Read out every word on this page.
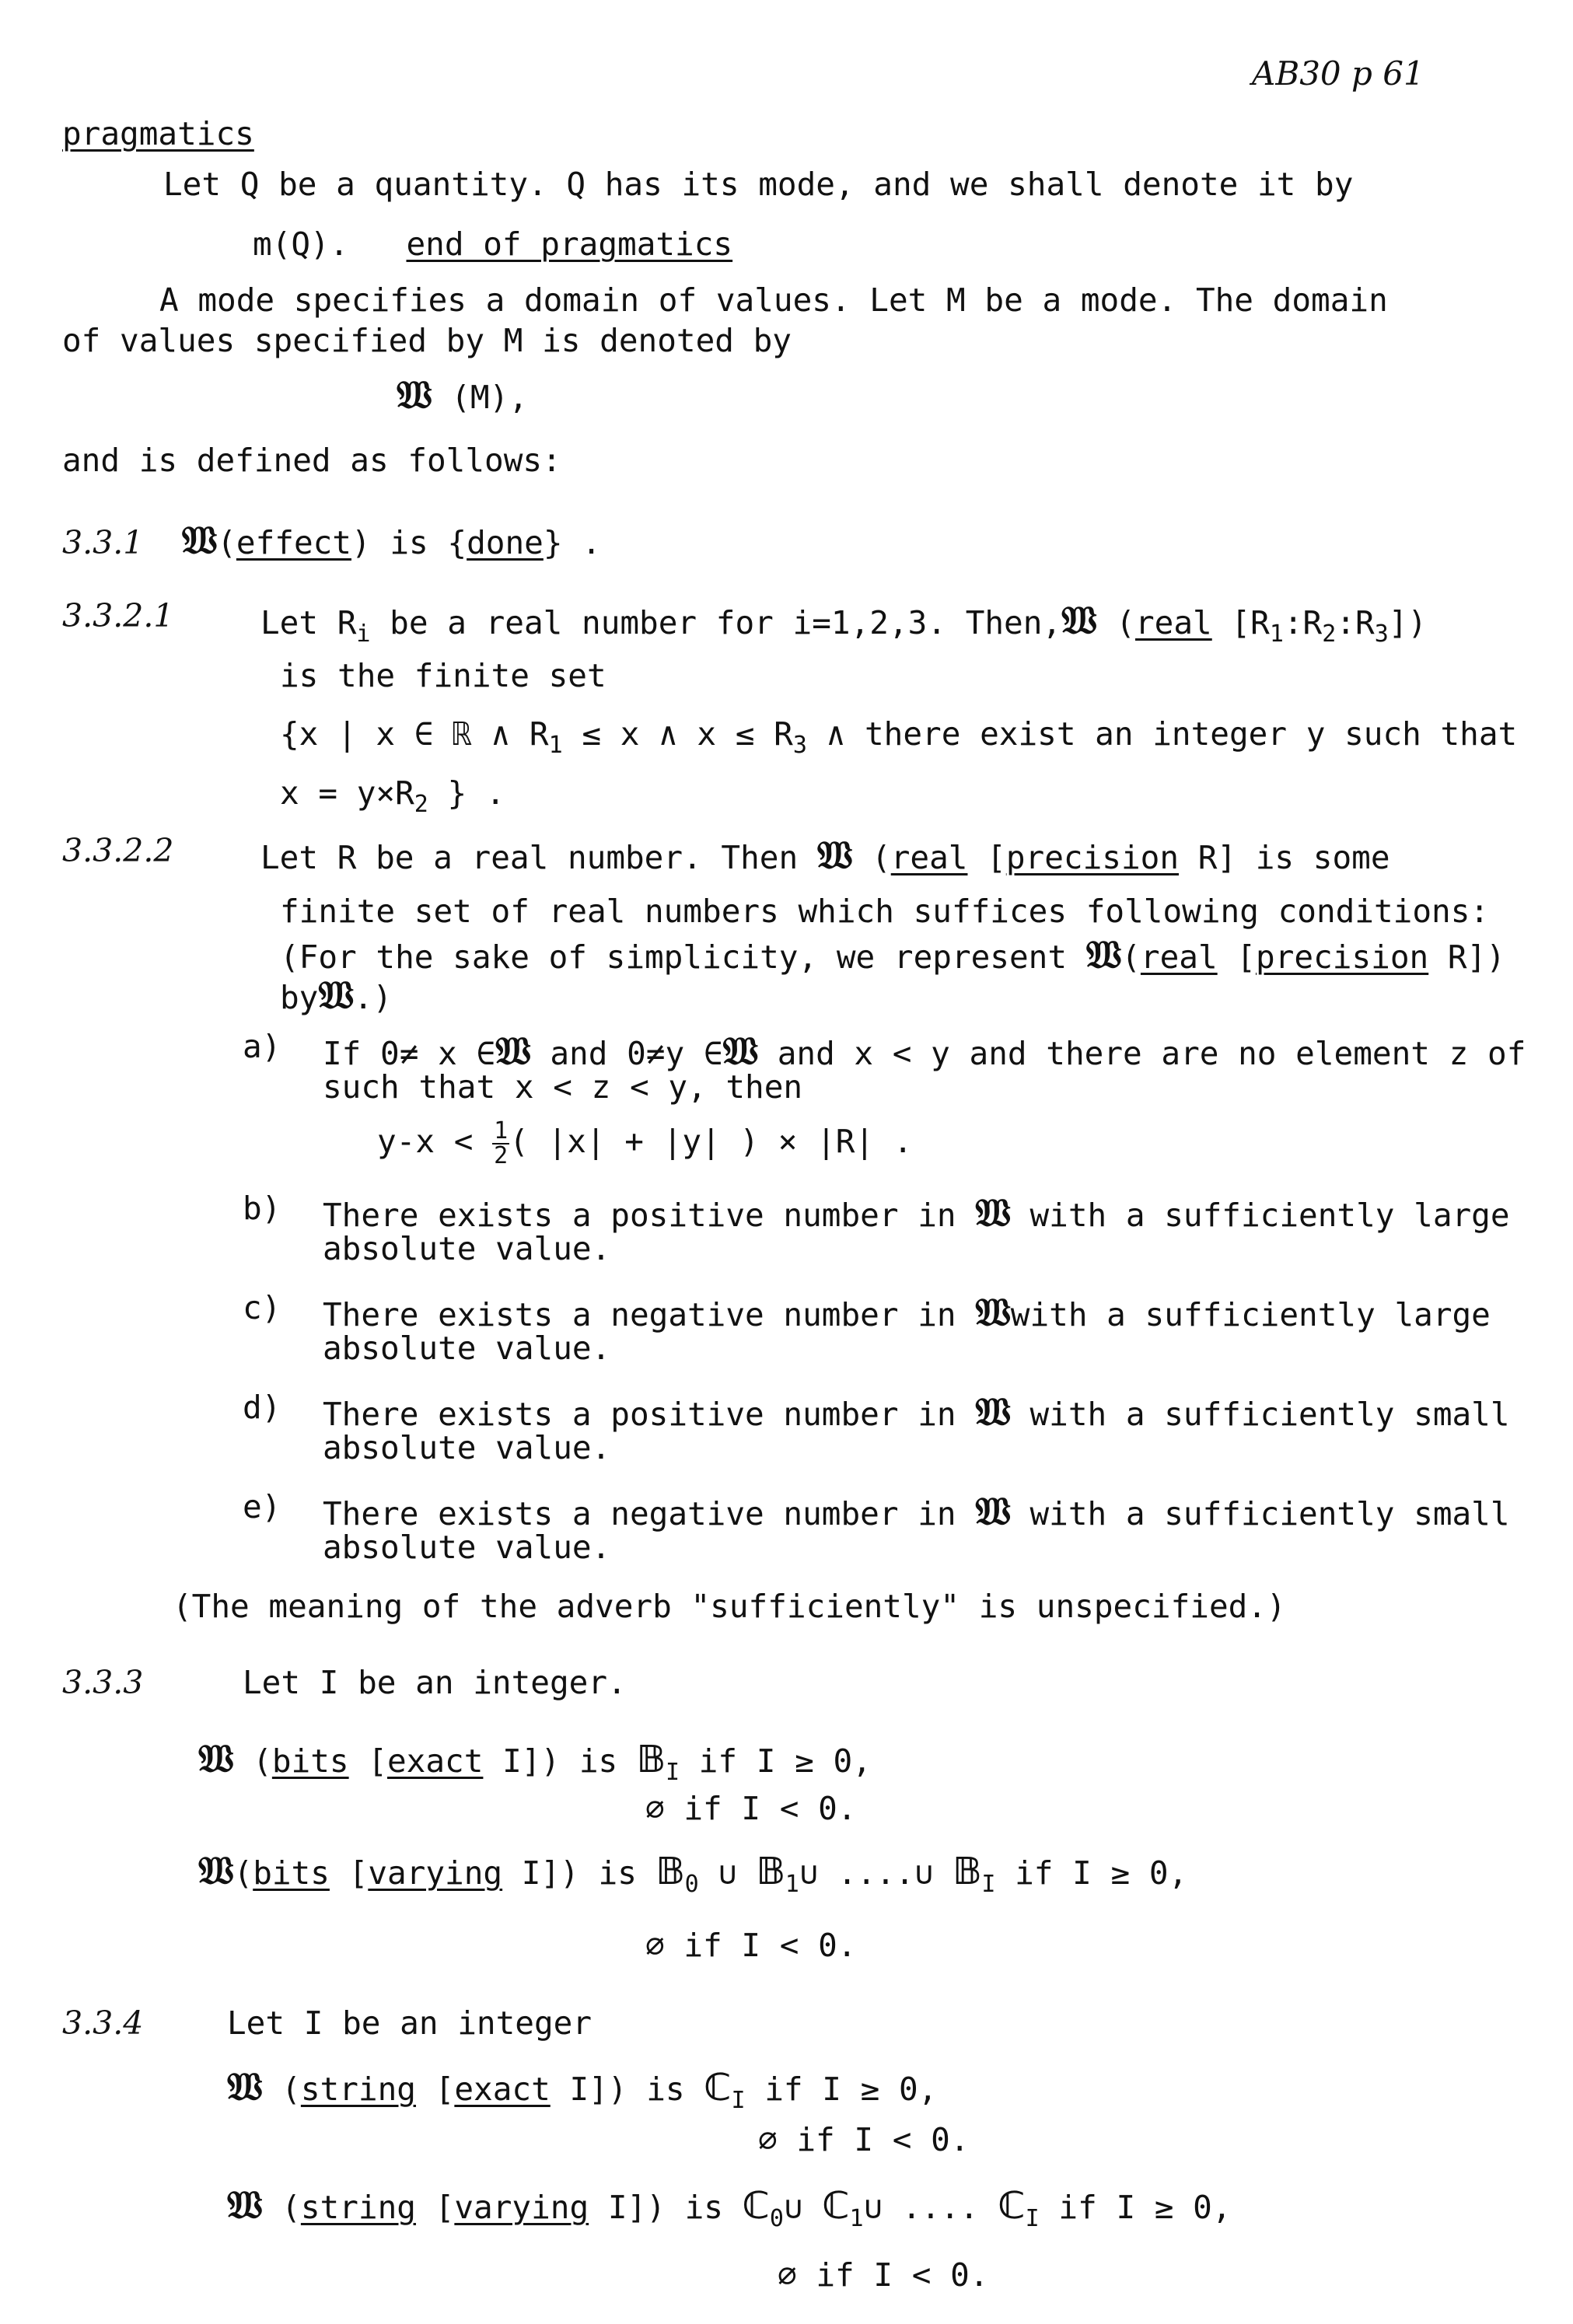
AB30 p 61
pragmatics
Let Q be a quantity. Q has its mode, and we shall denote it by
m(Q). end of pragmatics
A mode specifies a domain of values. Let M be a mode. The domain
of values specified by M is denoted by
𝔚 (M),
and is defined as follows:
3.3.1 𝔚(effect) is {done} .
3.3.2.1	Let $R_i$ be a real number for i=1,2,3. Then,𝔚 (real $[R_1:R_2:R_3]$)
is the finite set
{x | x ∈ ℝ ∧ $R_1 \le x$ ∧ $x \le R_3$ ∧ there exist an integer y such that
$x = y\times R_2$ } .
3.3.2.2	Let R be a real number. Then 𝔚 (real [precision R] is some
finite set of real numbers which suffices following conditions:
(For the sake of simplicity, we represent 𝔚(real [precision R])
by𝔚.)
a) If 0≠ x ∈𝔚 and 0≠y ∈𝔚 and x < y and there are no element z of
such that x < z < y, then
$y-x < \frac{1}{2}$ ( |x| + |y| ) × |R| .
b) There exists a positive number in 𝔚 with a sufficiently large
absolute value.
c) There exists a negative number in 𝔚with a sufficiently large
absolute value.
d) There exists a positive number in 𝔚 with a sufficiently small
absolute value.
e) There exists a negative number in 𝔚 with a sufficiently small
absolute value.
(The meaning of the adverb "sufficiently" is unspecified.)
3.3.3	Let I be an integer.
𝔚 (bits [exact I]) is 𝔹$_I$ if I ≥ 0,
∅ if I < 0.
𝔚(bits [varying I]) is 𝔹$_0$ ∪ 𝔹$_1$∪ ....∪ 𝔹$_I$ if I ≥ 0,
∅ if I < 0.
3.3.4	Let I be an integer
𝔚 (string [exact I]) is ℂ$_I$ if I ≥ 0,
∅ if I < 0.
𝔚 (string [varying I]) is ℂ$_0$∪ ℂ$_1$∪ .... ℂ$_I$ if I ≥ 0,
∅ if I < 0.
